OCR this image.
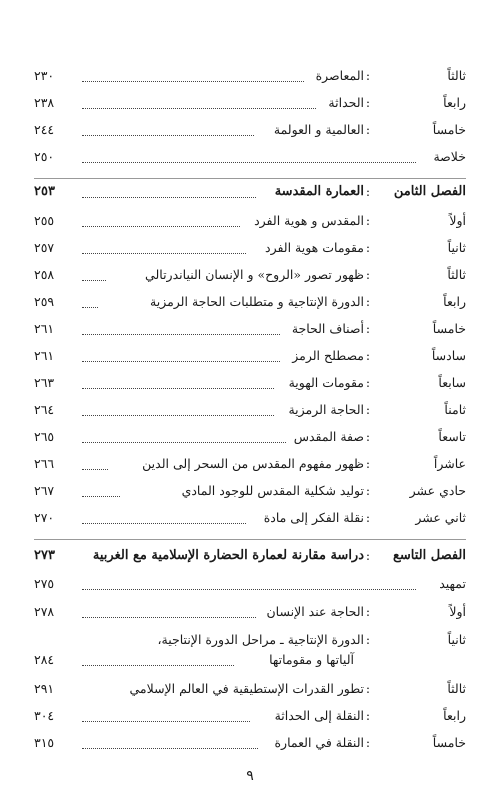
ثالثاً
:
المعاصرة
٢٣٠
رابعاً
:
الحداثة
٢٣٨
خامساً
:
العالمية و العولمة
٢٤٤
خلاصة
٢٥٠
الفصل الثامن
:
العمارة المقدسة
٢٥٣
أولاً
:
المقدس و هوية الفرد
٢٥٥
ثانياً
:
مقومات هوية الفرد
٢٥٧
ثالثاً
:
ظهور تصور «الروح» و الإنسان النياندرتالي
٢٥٨
رابعاً
:
الدورة الإنتاجية و متطلبات الحاجة الرمزية
٢٥٩
خامساً
:
أصناف الحاجة
٢٦١
سادساً
:
مصطلح الرمز
٢٦١
سابعاً
:
مقومات الهوية
٢٦٣
ثامناً
:
الحاجة الرمزية
٢٦٤
تاسعاً
:
صفة المقدس
٢٦٥
عاشراً
:
ظهور مفهوم المقدس من السحر إلى الدين
٢٦٦
حادي عشر
:
توليد شكلية المقدس للوجود المادي
٢٦٧
ثاني عشر
:
نقلة الفكر إلى مادة
٢٧٠
الفصل التاسع
:
دراسة مقارنة لعمارة الحضارة الإسلامية مع الغربية
٢٧٣
تمهيد
٢٧٥
أولاً
:
الحاجة عند الإنسان
٢٧٨
ثانياً
:
الدورة الإنتاجية ـ مراحل الدورة الإنتاجية،
آلياتها و مقوماتها
٢٨٤
ثالثاً
:
تطور القدرات الإستطيقية في العالم الإسلامي
٢٩١
رابعاً
:
النقلة إلى الحداثة
٣٠٤
خامساً
:
النقلة في العمارة
٣١٥
٩
